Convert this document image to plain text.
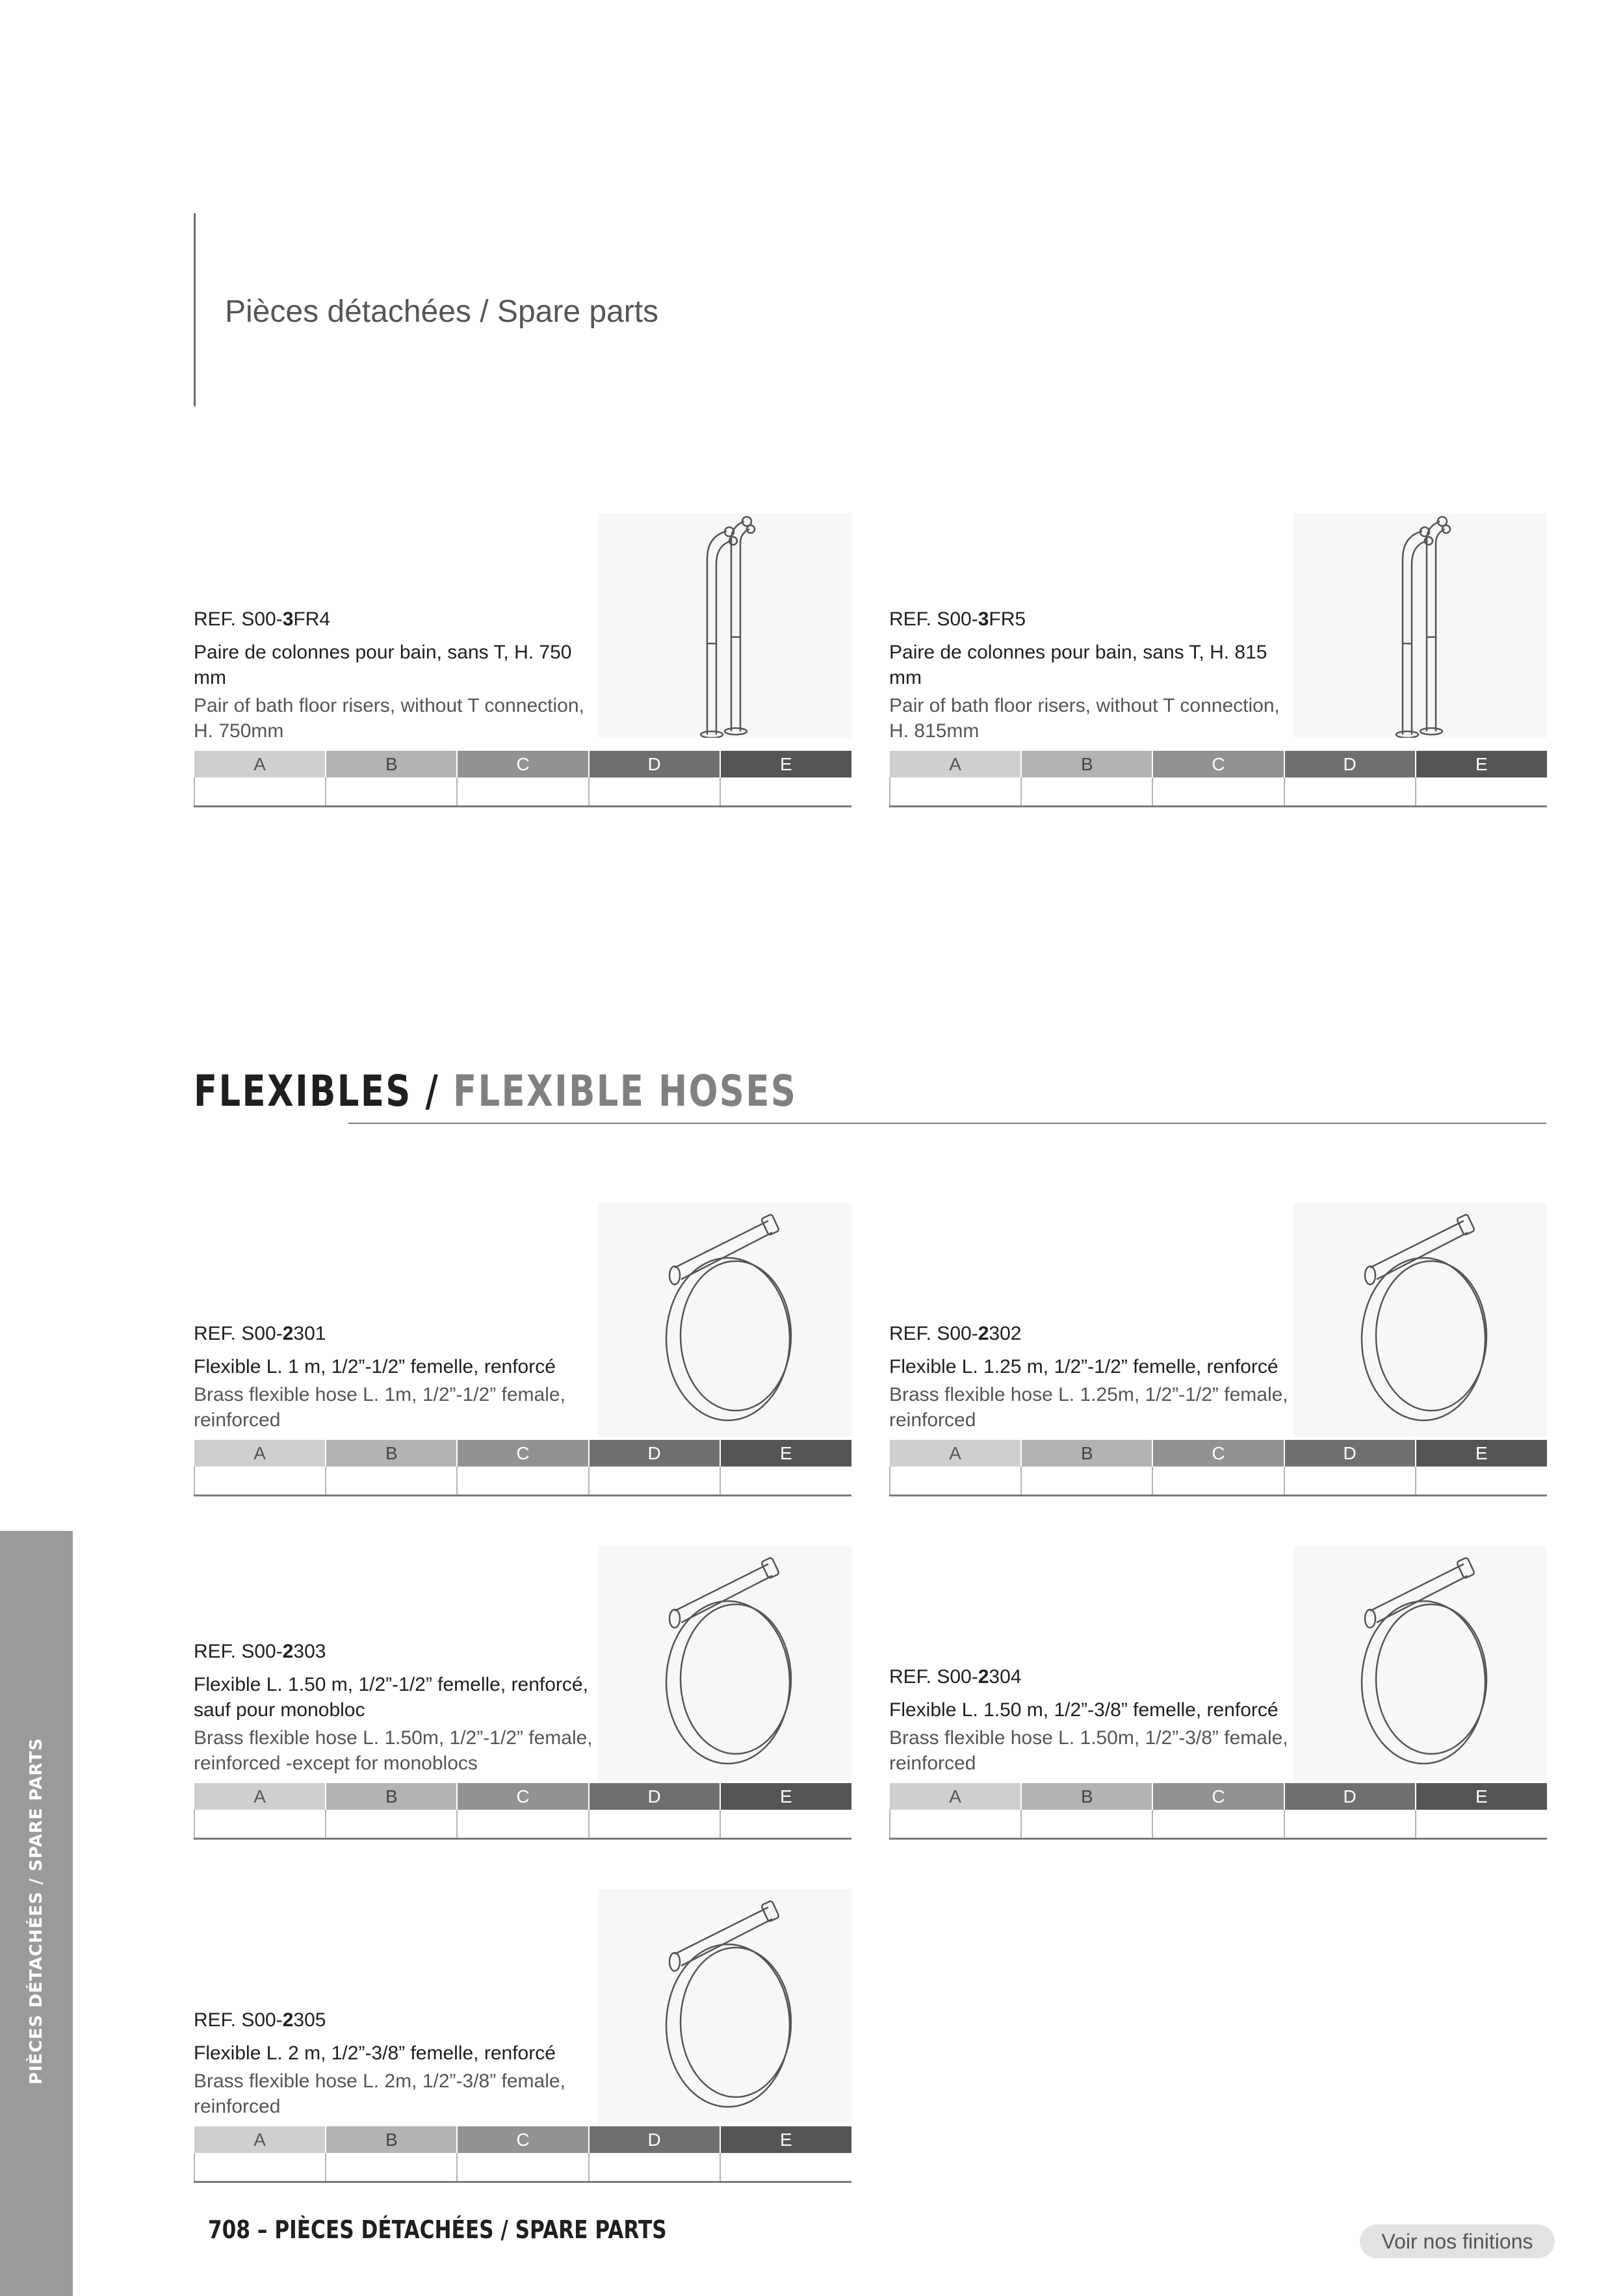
Pièces détachées / Spare parts
FLEXIBLES / FLEXIBLE HOSES

REF. S00-3FR4

Paire de colonnes pour bain, sans T, H. 750 mm

Pair of bath floor risers, without T connection, H. 750mm

A	B	C	D	E

REF. S00-3FR5

Paire de colonnes pour bain, sans T, H. 815 mm

Pair of bath floor risers, without T connection, H. 815mm

A	B	C	D	E

REF. S00-2301

Flexible L. 1 m, 1/2”-1/2” femelle, renforcé

Brass flexible hose L. 1m, 1/2”-1/2” female, reinforced

A	B	C	D	E

REF. S00-2302

Flexible L. 1.25 m, 1/2”-1/2” femelle, renforcé

Brass flexible hose L. 1.25m, 1/2”-1/2” female, reinforced

A	B	C	D	E

REF. S00-2303

Flexible L. 1.50 m, 1/2”-1/2” femelle, renforcé, sauf pour monobloc

Brass flexible hose L. 1.50m, 1/2”-1/2” female, reinforced -except for monoblocs

A	B	C	D	E

REF. S00-2304

Flexible L. 1.50 m, 1/2”-3/8” femelle, renforcé

Brass flexible hose L. 1.50m, 1/2”-3/8” female, reinforced

A	B	C	D	E

REF. S00-2305

Flexible L. 2 m, 1/2”-3/8” femelle, renforcé

Brass flexible hose L. 2m, 1/2”-3/8” female, reinforced

A	B	C	D	E

PIÈCES DÉTACHÉES / SPARE PARTS
708 – PIÈCES DÉTACHÉES / SPARE PARTS	Voir nos finitions
